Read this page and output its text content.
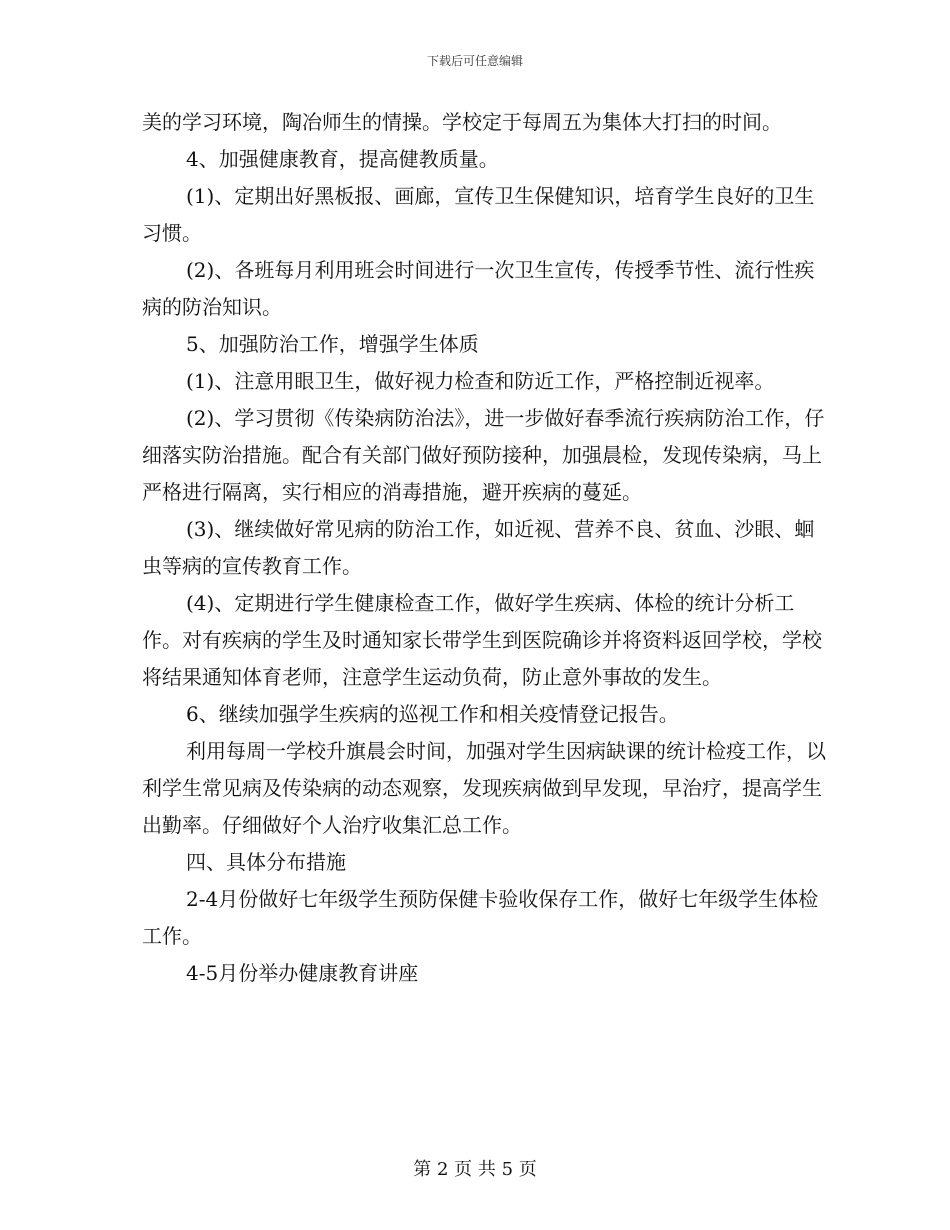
下载后可任意编辑

美的学习环境，陶冶师生的情操。学校定于每周五为集体大打扫的时间。

4、加强健康教育，提高健教质量。

(1)、定期出好黑板报、画廊，宣传卫生保健知识，培育学生良好的卫生习惯。

(2)、各班每月利用班会时间进行一次卫生宣传，传授季节性、流行性疾病的防治知识。

5、加强防治工作，增强学生体质

(1)、注意用眼卫生，做好视力检查和防近工作，严格控制近视率。

(2)、学习贯彻《传染病防治法》，进一步做好春季流行疾病防治工作，仔细落实防治措施。配合有关部门做好预防接种，加强晨检，发现传染病，马上严格进行隔离，实行相应的消毒措施，避开疾病的蔓延。

(3)、继续做好常见病的防治工作，如近视、营养不良、贫血、沙眼、蛔虫等病的宣传教育工作。

(4)、定期进行学生健康检查工作，做好学生疾病、体检的统计分析工作。对有疾病的学生及时通知家长带学生到医院确诊并将资料返回学校，学校将结果通知体育老师，注意学生运动负荷，防止意外事故的发生。

6、继续加强学生疾病的巡视工作和相关疫情登记报告。

利用每周一学校升旗晨会时间，加强对学生因病缺课的统计检疫工作，以利学生常见病及传染病的动态观察，发现疾病做到早发现，早治疗，提高学生出勤率。仔细做好个人治疗收集汇总工作。

四、具体分布措施

2-4月份做好七年级学生预防保健卡验收保存工作，做好七年级学生体检工作。

4-5月份举办健康教育讲座

第 2 页 共 5 页
